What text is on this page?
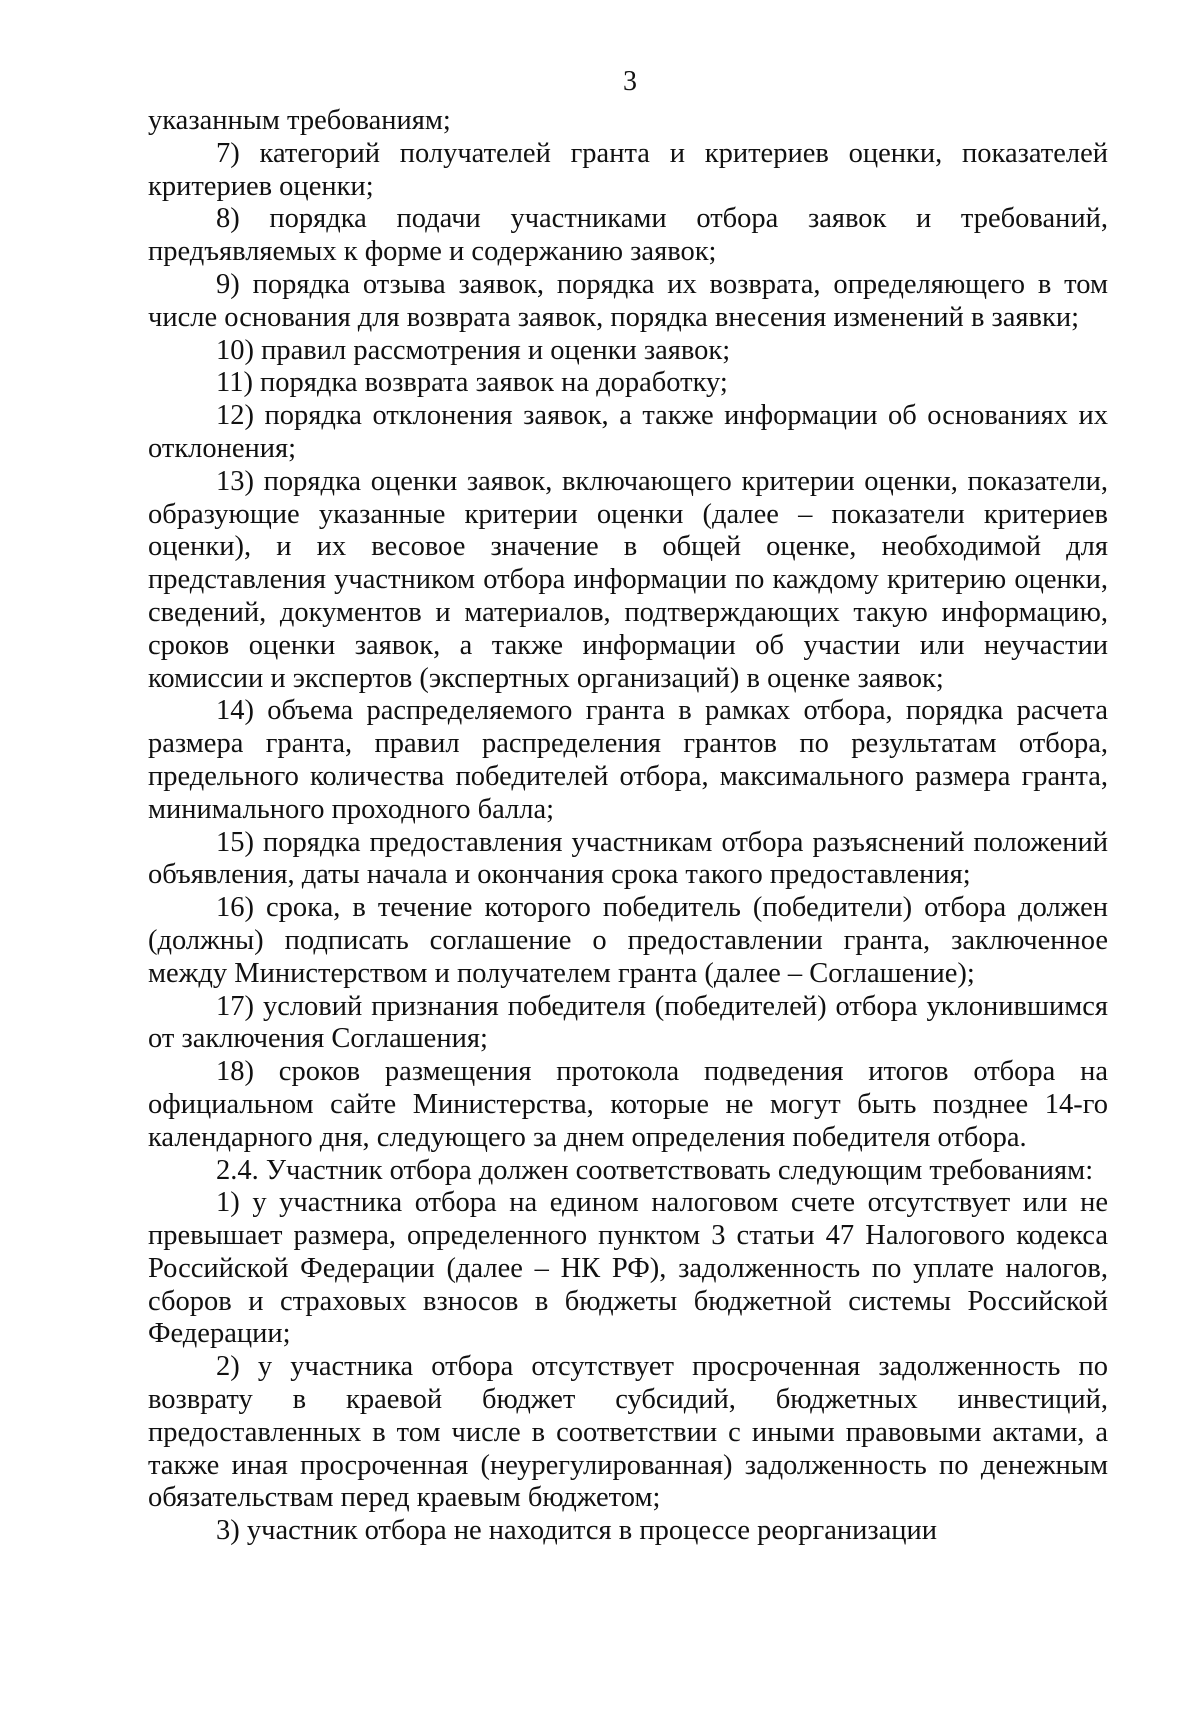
3

указанным требованиям;

7) категорий получателей гранта и критериев оценки, показателей критериев оценки;

8) порядка подачи участниками отбора заявок и требований, предъявляемых к форме и содержанию заявок;

9) порядка отзыва заявок, порядка их возврата, определяющего в том числе основания для возврата заявок, порядка внесения изменений в заявки;

10) правил рассмотрения и оценки заявок;

11) порядка возврата заявок на доработку;

12) порядка отклонения заявок, а также информации об основаниях их отклонения;

13) порядка оценки заявок, включающего критерии оценки, показатели, образующие указанные критерии оценки (далее – показатели критериев оценки), и их весовое значение в общей оценке, необходимой для представления участником отбора информации по каждому критерию оценки, сведений, документов и материалов, подтверждающих такую информацию, сроков оценки заявок, а также информации об участии или неучастии комиссии и экспертов (экспертных организаций) в оценке заявок;

14) объема распределяемого гранта в рамках отбора, порядка расчета размера гранта, правил распределения грантов по результатам отбора, предельного количества победителей отбора, максимального размера гранта, минимального проходного балла;

15) порядка предоставления участникам отбора разъяснений положений объявления, даты начала и окончания срока такого предоставления;

16) срока, в течение которого победитель (победители) отбора должен (должны) подписать соглашение о предоставлении гранта, заключенное между Министерством и получателем гранта (далее – Соглашение);

17) условий признания победителя (победителей) отбора уклонившимся от заключения Соглашения;

18) сроков размещения протокола подведения итогов отбора на официальном сайте Министерства, которые не могут быть позднее 14-го календарного дня, следующего за днем определения победителя отбора.

2.4. Участник отбора должен соответствовать следующим требованиям:

1) у участника отбора на едином налоговом счете отсутствует или не превышает размера, определенного пунктом 3 статьи 47 Налогового кодекса Российской Федерации (далее – НК РФ), задолженность по уплате налогов, сборов и страховых взносов в бюджеты бюджетной системы Российской Федерации;

2) у участника отбора отсутствует просроченная задолженность по возврату в краевой бюджет субсидий, бюджетных инвестиций, предоставленных в том числе в соответствии с иными правовыми актами, а также иная просроченная (неурегулированная) задолженность по денежным обязательствам перед краевым бюджетом;

3) участник отбора не находится в процессе реорганизации
